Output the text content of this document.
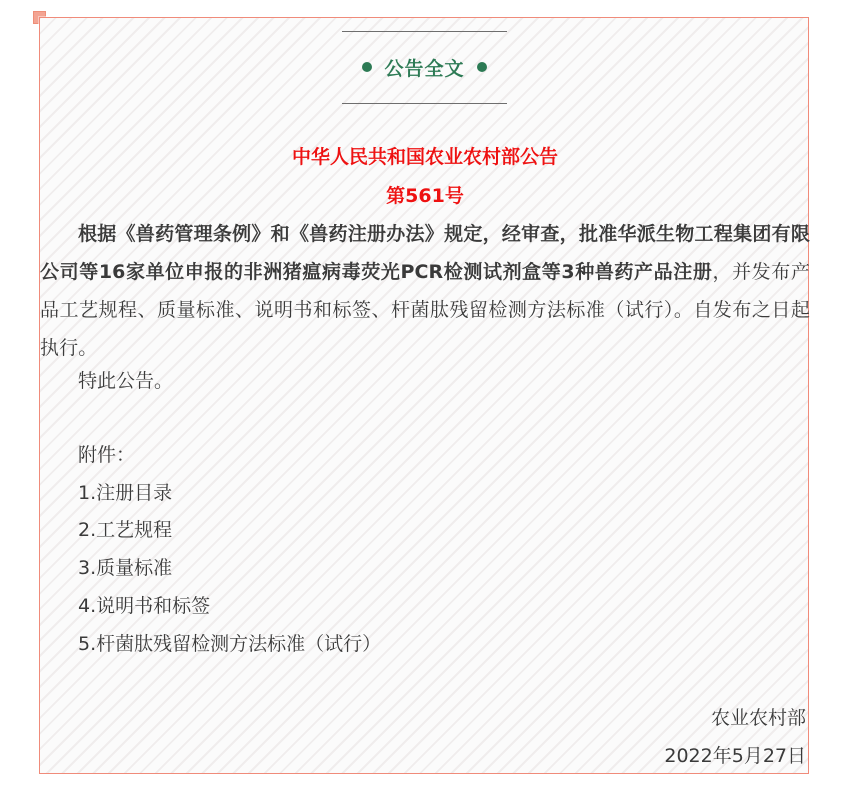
公告全文
中华人民共和国农业农村部公告
第561号
根据《兽药管理条例》和《兽药注册办法》规定，经审查，批准华派生物工程集团有限公司等16家单位申报的非洲猪瘟病毒荧光PCR检测试剂盒等3种兽药产品注册，并发布产品工艺规程、质量标准、说明书和标签、杆菌肽残留检测方法标准（试行）。自发布之日起执行。
特此公告。
附件：
1.注册目录
2.工艺规程
3.质量标准
4.说明书和标签
5.杆菌肽残留检测方法标准（试行）
农业农村部
2022年5月27日
